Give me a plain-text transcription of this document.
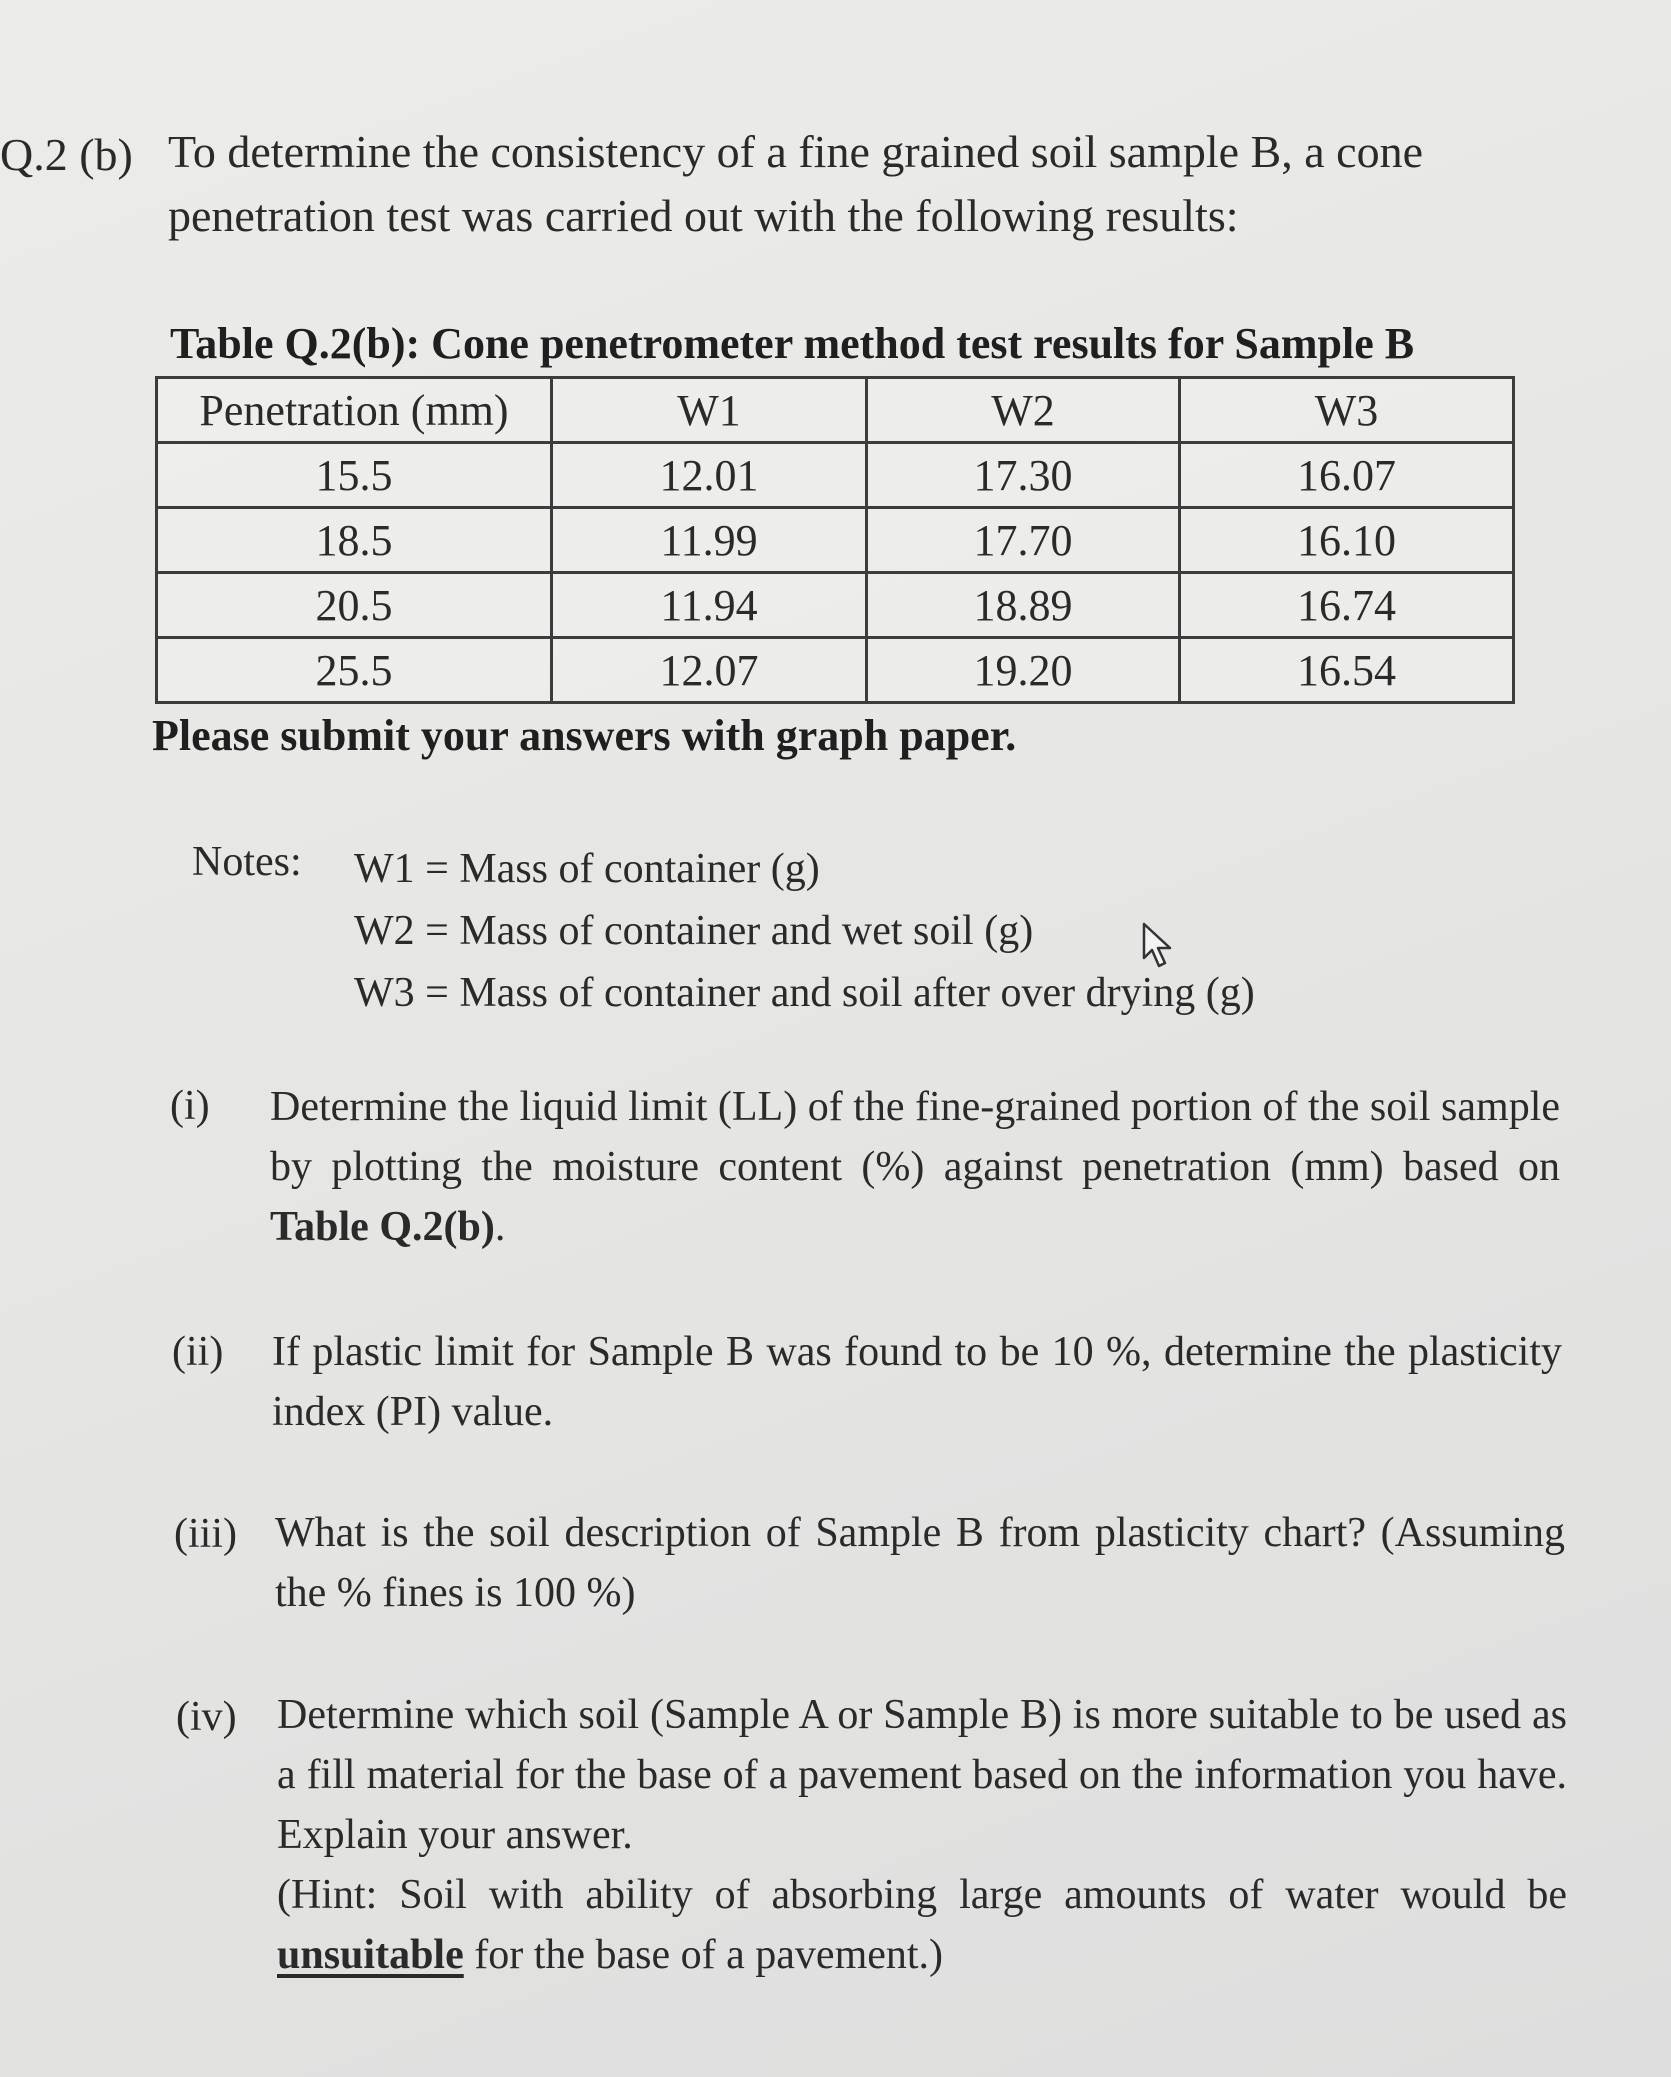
Q.2 (b) To determine the consistency of a fine grained soil sample B, a cone penetration test was carried out with the following results:
Table Q.2(b): Cone penetrometer method test results for Sample B
Penetration (mm)	W1	W2	W3
15.5	12.01	17.30	16.07
18.5	11.99	17.70	16.10
20.5	11.94	18.89	16.74
25.5	12.07	19.20	16.54
Please submit your answers with graph paper.
Notes: W1 = Mass of container (g)
W2 = Mass of container and wet soil (g)
W3 = Mass of container and soil after over drying (g)
(i) Determine the liquid limit (LL) of the fine-grained portion of the soil sample by plotting the moisture content (%) against penetration (mm) based on Table Q.2(b).
(ii) If plastic limit for Sample B was found to be 10 %, determine the plasticity index (PI) value.
(iii) What is the soil description of Sample B from plasticity chart? (Assuming the % fines is 100 %)
(iv) Determine which soil (Sample A or Sample B) is more suitable to be used as a fill material for the base of a pavement based on the information you have. Explain your answer.
(Hint: Soil with ability of absorbing large amounts of water would be unsuitable for the base of a pavement.)
